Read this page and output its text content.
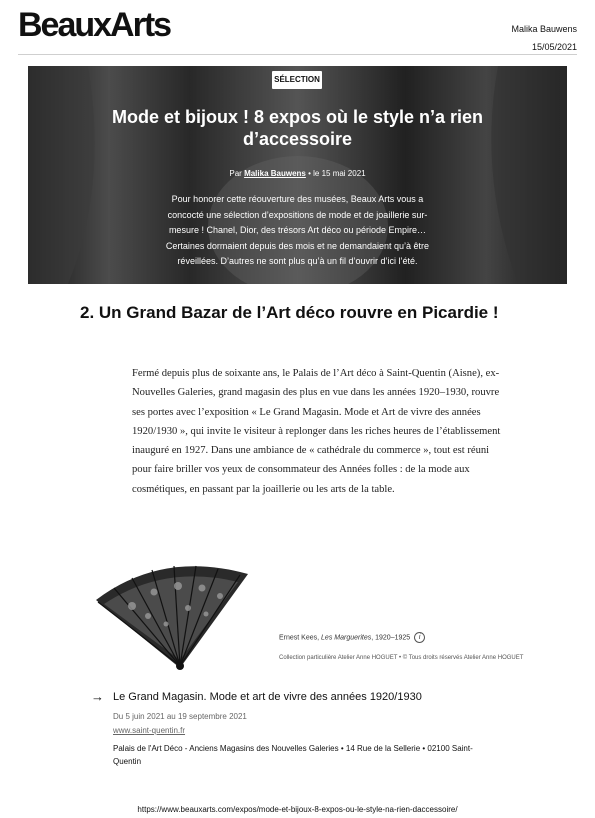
BeauxArts	Malika Bauwens
15/05/2021
SÉLECTION
Mode et bijoux ! 8 expos où le style n’a rien d’accessoire
Par Malika Bauwens • le 15 mai 2021
Pour honorer cette réouverture des musées, Beaux Arts vous a concocté une sélection d’expositions de mode et de joaillerie sur-mesure ! Chanel, Dior, des trésors Art déco ou période Empire… Certaines dormaient depuis des mois et ne demandaient qu’à être réveillées. D’autres ne sont plus qu’à un fil d’ouvrir d’ici l’été.
2. Un Grand Bazar de l’Art déco rouvre en Picardie !
Fermé depuis plus de soixante ans, le Palais de l’Art déco à Saint-Quentin (Aisne), ex-Nouvelles Galeries, grand magasin des plus en vue dans les années 1920–1930, rouvre ses portes avec l’exposition « Le Grand Magasin. Mode et Art de vivre des années 1920/1930 », qui invite le visiteur à replonger dans les riches heures de l’établissement inauguré en 1927. Dans une ambiance de « cathédrale du commerce », tout est réuni pour faire briller vos yeux de consommateur des Années folles : de la mode aux cosmétiques, en passant par la joaillerie ou les arts de la table.
Ernest Kees, Les Marguerites, 1920–1925 i
Collection particulière Atelier Anne HOGUET • © Tous droits réservés Atelier Anne HOGUET
→ Le Grand Magasin. Mode et art de vivre des années 1920/1930
Du 5 juin 2021 au 19 septembre 2021
www.saint-quentin.fr
Palais de l'Art Déco - Anciens Magasins des Nouvelles Galeries • 14 Rue de la Sellerie • 02100 Saint-Quentin
https://www.beauxarts.com/expos/mode-et-bijoux-8-expos-ou-le-style-na-rien-daccessoire/
